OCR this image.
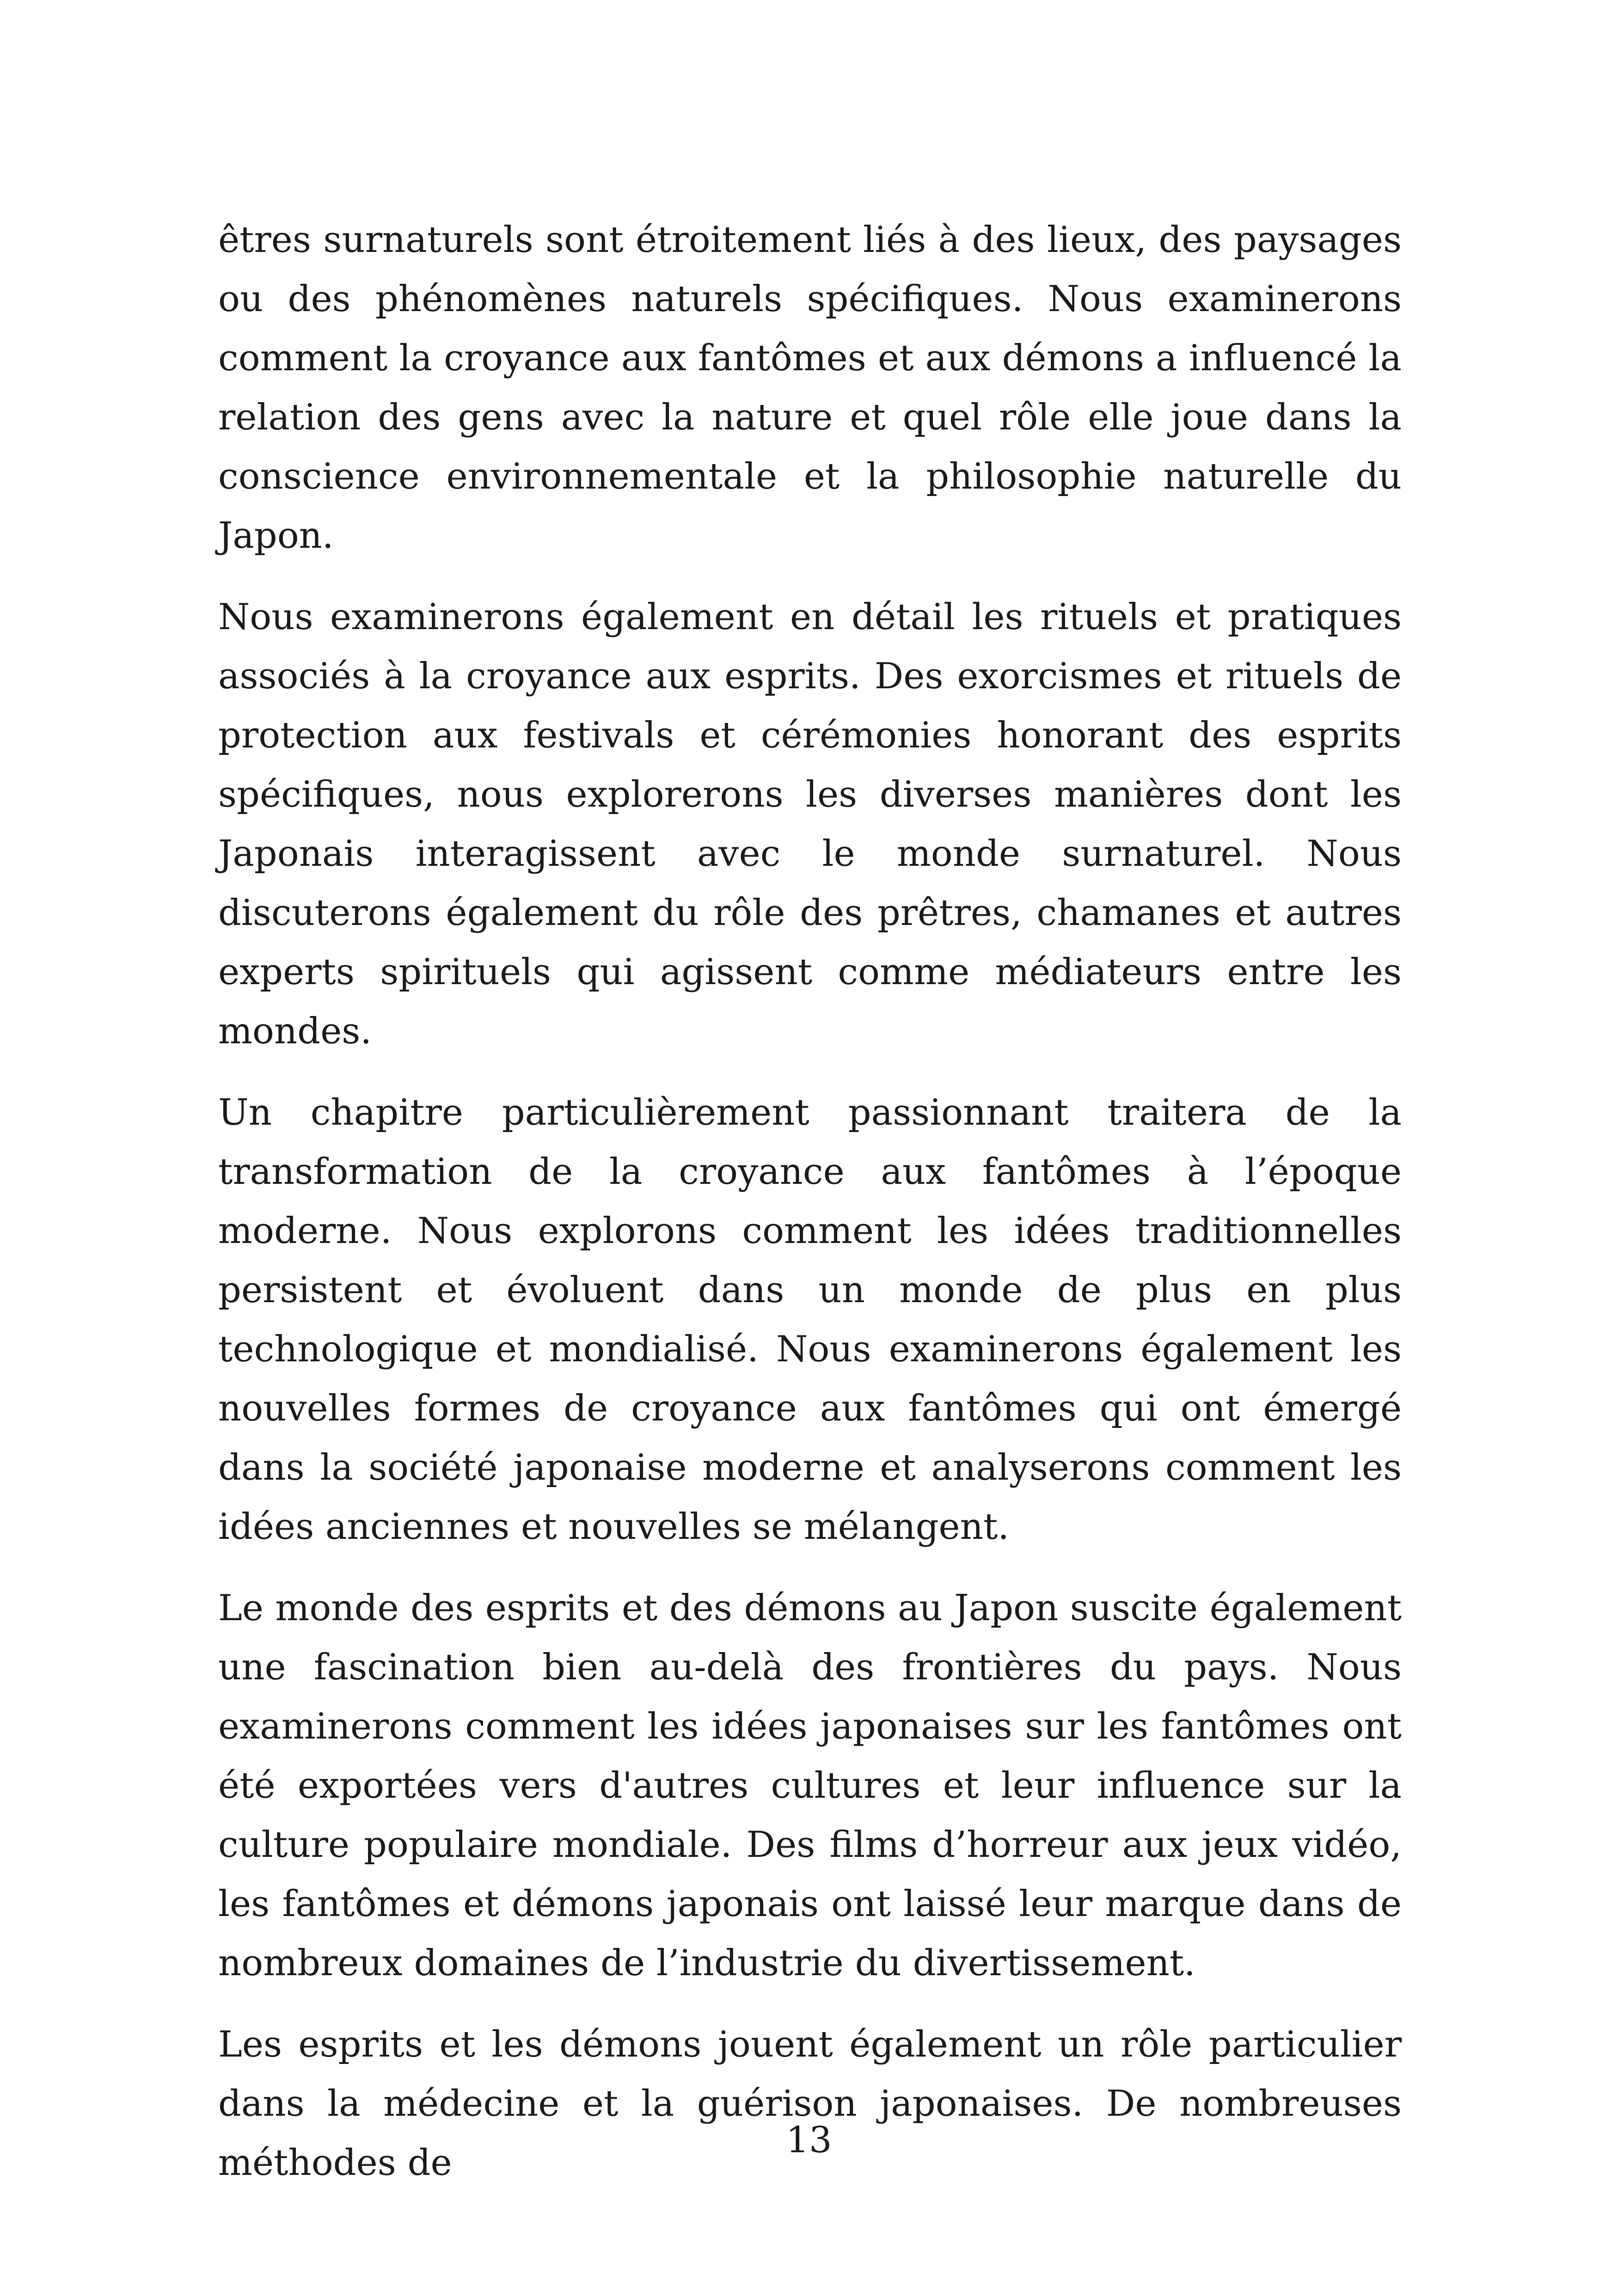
êtres surnaturels sont étroitement liés à des lieux, des paysages ou des phénomènes naturels spécifiques. Nous examinerons comment la croyance aux fantômes et aux démons a influencé la relation des gens avec la nature et quel rôle elle joue dans la conscience environnementale et la philosophie naturelle du Japon.

Nous examinerons également en détail les rituels et pratiques associés à la croyance aux esprits. Des exorcismes et rituels de protection aux festivals et cérémonies honorant des esprits spécifiques, nous explorerons les diverses manières dont les Japonais interagissent avec le monde surnaturel. Nous discuterons également du rôle des prêtres, chamanes et autres experts spirituels qui agissent comme médiateurs entre les mondes.

Un chapitre particulièrement passionnant traitera de la transformation de la croyance aux fantômes à l’époque moderne. Nous explorons comment les idées traditionnelles persistent et évoluent dans un monde de plus en plus technologique et mondialisé. Nous examinerons également les nouvelles formes de croyance aux fantômes qui ont émergé dans la société japonaise moderne et analyserons comment les idées anciennes et nouvelles se mélangent.

Le monde des esprits et des démons au Japon suscite également une fascination bien au-delà des frontières du pays. Nous examinerons comment les idées japonaises sur les fantômes ont été exportées vers d'autres cultures et leur influence sur la culture populaire mondiale. Des films d’horreur aux jeux vidéo, les fantômes et démons japonais ont laissé leur marque dans de nombreux domaines de l’industrie du divertissement.

Les esprits et les démons jouent également un rôle particulier dans la médecine et la guérison japonaises. De nombreuses méthodes de

13
